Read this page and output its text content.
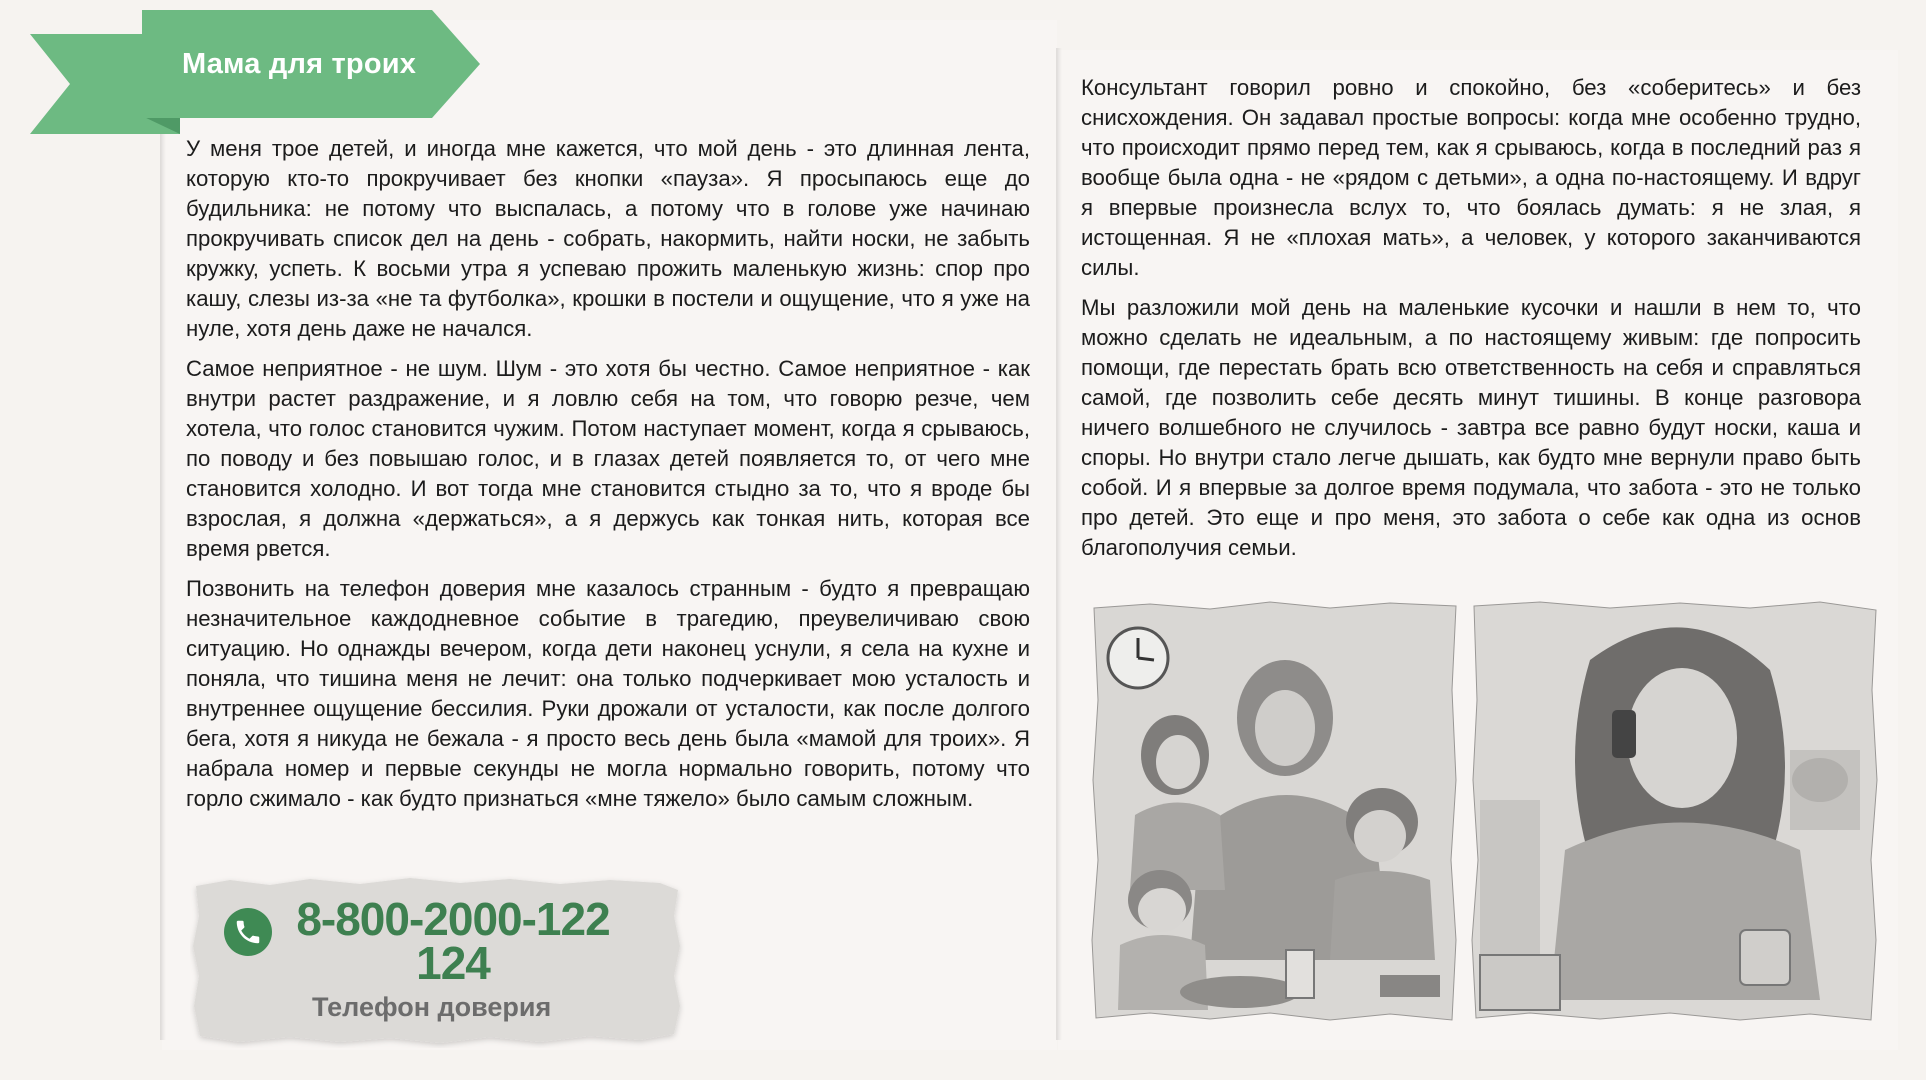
Мама для троих

У меня трое детей, и иногда мне кажется, что мой день - это длинная лента, которую кто-то прокручивает без кнопки «пауза». Я просыпаюсь еще до будильника: не потому что выспалась, а потому что в голове уже начинаю прокручивать список дел на день - собрать, накормить, найти носки, не забыть кружку, успеть. К восьми утра я успеваю прожить маленькую жизнь: спор про кашу, слезы из-за «не та футболка», крошки в постели и ощущение, что я уже на нуле, хотя день даже не начался.

Самое неприятное - не шум. Шум - это хотя бы честно. Самое неприятное - как внутри растет раздражение, и я ловлю себя на том, что говорю резче, чем хотела, что голос становится чужим. Потом наступает момент, когда я срываюсь, по поводу и без повышаю голос, и в глазах детей появляется то, от чего мне становится холодно. И вот тогда мне становится стыдно за то, что я вроде бы взрослая, я должна «держаться», а я держусь как тонкая нить, которая все время рвется.

Позвонить на телефон доверия мне казалось странным - будто я превращаю незначительное каждодневное событие в трагедию, преувеличиваю свою ситуацию. Но однажды вечером, когда дети наконец уснули, я села на кухне и поняла, что тишина меня не лечит: она только подчеркивает мою усталость и внутреннее ощущение бессилия. Руки дрожали от усталости, как после долгого бега, хотя я никуда не бежала - я просто весь день была «мамой для троих». Я набрала номер и первые секунды не могла нормально говорить, потому что горло сжимало - как будто признаться «мне тяжело» было самым сложным.

Консультант говорил ровно и спокойно, без «соберитесь» и без снисхождения. Он задавал простые вопросы: когда мне особенно трудно, что происходит прямо перед тем, как я срываюсь, когда в последний раз я вообще была одна - не «рядом с детьми», а одна по-настоящему. И вдруг я впервые произнесла вслух то, что боялась думать: я не злая, я истощенная. Я не «плохая мать», а человек, у которого заканчиваются силы.

Мы разложили мой день на маленькие кусочки и нашли в нем то, что можно сделать не идеальным, а по настоящему живым: где попросить помощи, где перестать брать всю ответственность на себя и справляться самой, где позволить себе десять минут тишины. В конце разговора ничего волшебного не случилось - завтра все равно будут носки, каша и споры. Но внутри стало легче дышать, как будто мне вернули право быть собой. И я впервые за долгое время подумала, что забота - это не только про детей. Это еще и про меня, это забота о себе как одна из основ благополучия семьи.

8-800-2000-122
124
Телефон доверия
